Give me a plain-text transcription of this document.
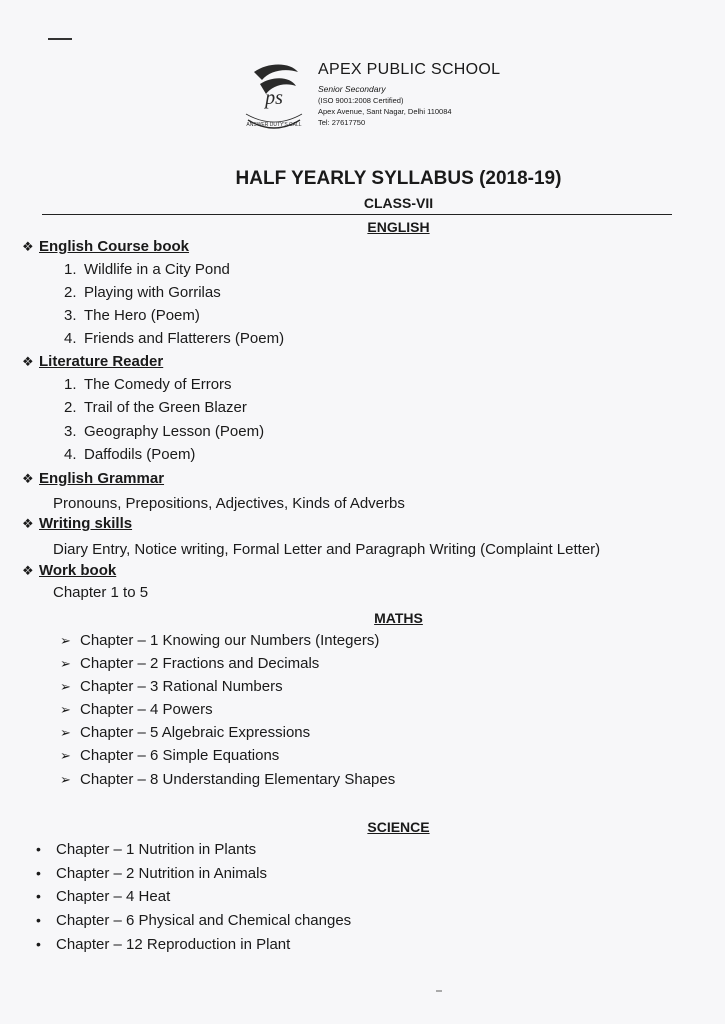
ps
ANSWER DUTY'S CALL
APEX PUBLIC SCHOOL
Senior Secondary
(ISO 9001:2008 Certified)
Apex Avenue, Sant Nagar, Delhi 110084
Tel: 27617750
HALF YEARLY SYLLABUS (2018-19)
CLASS-VII
ENGLISH
❖ English Course book
1. Wildlife in a City Pond
2. Playing with Gorrilas
3. The Hero (Poem)
4. Friends and Flatterers (Poem)
❖ Literature Reader
1. The Comedy of Errors
2. Trail of the Green Blazer
3. Geography Lesson (Poem)
4. Daffodils (Poem)
❖ English Grammar
Pronouns, Prepositions, Adjectives, Kinds of Adverbs
❖ Writing skills
Diary Entry, Notice writing, Formal Letter and Paragraph Writing (Complaint Letter)
❖ Work book
Chapter 1 to 5
MATHS
➢ Chapter – 1 Knowing our Numbers (Integers)
➢ Chapter – 2 Fractions and Decimals
➢ Chapter – 3 Rational Numbers
➢ Chapter – 4 Powers
➢ Chapter – 5 Algebraic Expressions
➢ Chapter – 6 Simple Equations
➢ Chapter – 8 Understanding Elementary Shapes
SCIENCE
• Chapter – 1 Nutrition in Plants
• Chapter – 2 Nutrition in Animals
• Chapter – 4 Heat
• Chapter – 6 Physical and Chemical changes
• Chapter – 12 Reproduction in Plant
